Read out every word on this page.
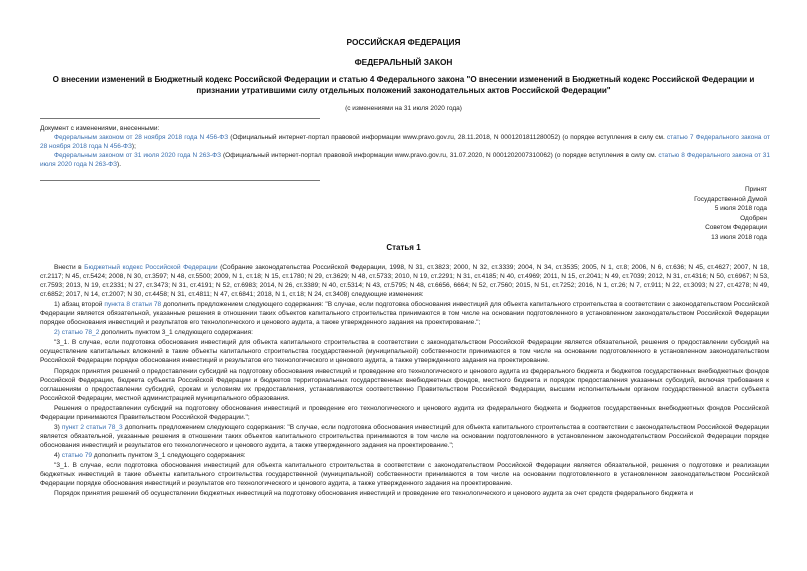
РОССИЙСКАЯ ФЕДЕРАЦИЯ
ФЕДЕРАЛЬНЫЙ ЗАКОН
О внесении изменений в Бюджетный кодекс Российской Федерации и статью 4 Федерального закона "О внесении изменений в Бюджетный кодекс Российской Федерации и признании утратившими силу отдельных положений законодательных актов Российской Федерации"
(с изменениями на 31 июля 2020 года)

Документ с изменениями, внесенными:

Федеральным законом от 28 ноября 2018 года N 456-ФЗ (Официальный интернет-портал правовой информации www.pravo.gov.ru, 28.11.2018, N 0001201811280052) (о порядке вступления в силу см. статью 7 Федерального закона от 28 ноября 2018 года N 456-ФЗ);

Федеральным законом от 31 июля 2020 года N 263-ФЗ (Официальный интернет-портал правовой информации www.pravo.gov.ru, 31.07.2020, N 0001202007310062) (о порядке вступления в силу см. статью 8 Федерального закона от 31 июля 2020 года N 263-ФЗ).

Принят
Государственной Думой
5 июля 2018 года
Одобрен
Советом Федерации
13 июля 2018 года
Статья 1

Внести в Бюджетный кодекс Российской Федерации (Собрание законодательства Российской Федерации, 1998, N 31, ст.3823; 2000, N 32, ст.3339; 2004, N 34, ст.3535; 2005, N 1, ст.8; 2006, N 6, ст.636; N 45, ст.4627; 2007, N 18, ст.2117; N 45, ст.5424; 2008, N 30, ст.3597; N 48, ст.5500; 2009, N 1, ст.18; N 15, ст.1780; N 29, ст.3629; N 48, ст.5733; 2010, N 19, ст.2291; N 31, ст.4185; N 40, ст.4969; 2011, N 15, ст.2041; N 49, ст.7039; 2012, N 31, ст.4316; N 50, ст.6967; N 53, ст.7593; 2013, N 19, ст.2331; N 27, ст.3473; N 31, ст.4191; N 52, ст.6983; 2014, N 26, ст.3389; N 40, ст.5314; N 43, ст.5795; N 48, ст.6656, 6664; N 52, ст.7560; 2015, N 51, ст.7252; 2016, N 1, ст.26; N 7, ст.911; N 22, ст.3093; N 27, ст.4278; N 49, ст.6852; 2017, N 14, ст.2007; N 30, ст.4458; N 31, ст.4811; N 47, ст.6841; 2018, N 1, ст.18; N 24, ст.3408) следующие изменения:

1) абзац второй пункта 8 статьи 78 дополнить предложением следующего содержания: "В случае, если подготовка обоснования инвестиций для объекта капитального строительства в соответствии с законодательством Российской Федерации является обязательной, указанные решения в отношении таких объектов капитального строительства принимаются в том числе на основании подготовленного в установленном законодательством Российской Федерации порядке обоснования инвестиций и результатов его технологического и ценового аудита, а также утвержденного задания на проектирование.";

2) статью 78_2 дополнить пунктом 3_1 следующего содержания:

"3_1. В случае, если подготовка обоснования инвестиций для объекта капитального строительства в соответствии с законодательством Российской Федерации является обязательной, решения о предоставлении субсидий на осуществление капитальных вложений в такие объекты капитального строительства государственной (муниципальной) собственности принимаются в том числе на основании подготовленного в установленном законодательством Российской Федерации порядке обоснования инвестиций и результатов его технологического и ценового аудита, а также утвержденного задания на проектирование.

Порядок принятия решений о предоставлении субсидий на подготовку обоснования инвестиций и проведение его технологического и ценового аудита из федерального бюджета и бюджетов государственных внебюджетных фондов Российской Федерации, бюджета субъекта Российской Федерации и бюджетов территориальных государственных внебюджетных фондов, местного бюджета и порядок предоставления указанных субсидий, включая требования к соглашениям о предоставлении субсидий, срокам и условиям их предоставления, устанавливаются соответственно Правительством Российской Федерации, высшим исполнительным органом государственной власти субъекта Российской Федерации, местной администрацией муниципального образования.

Решения о предоставлении субсидий на подготовку обоснования инвестиций и проведение его технологического и ценового аудита из федерального бюджета и бюджетов государственных внебюджетных фондов Российской Федерации принимаются Правительством Российской Федерации.";

3) пункт 2 статьи 78_3 дополнить предложением следующего содержания: "В случае, если подготовка обоснования инвестиций для объекта капитального строительства в соответствии с законодательством Российской Федерации является обязательной, указанные решения в отношении таких объектов капитального строительства принимаются в том числе на основании подготовленного в установленном законодательством Российской Федерации порядке обоснования инвестиций и результатов его технологического и ценового аудита, а также утвержденного задания на проектирование.";

4) статью 79 дополнить пунктом 3_1 следующего содержания:

"3_1. В случае, если подготовка обоснования инвестиций для объекта капитального строительства в соответствии с законодательством Российской Федерации является обязательной, решения о подготовке и реализации бюджетных инвестиций в такие объекты капитального строительства государственной (муниципальной) собственности принимаются в том числе на основании подготовленного в установленном законодательством Российской Федерации порядке обоснования инвестиций и результатов его технологического и ценового аудита, а также утвержденного задания на проектирование.

Порядок принятия решений об осуществлении бюджетных инвестиций на подготовку обоснования инвестиций и проведение его технологического и ценового аудита за счет средств федерального бюджета и
